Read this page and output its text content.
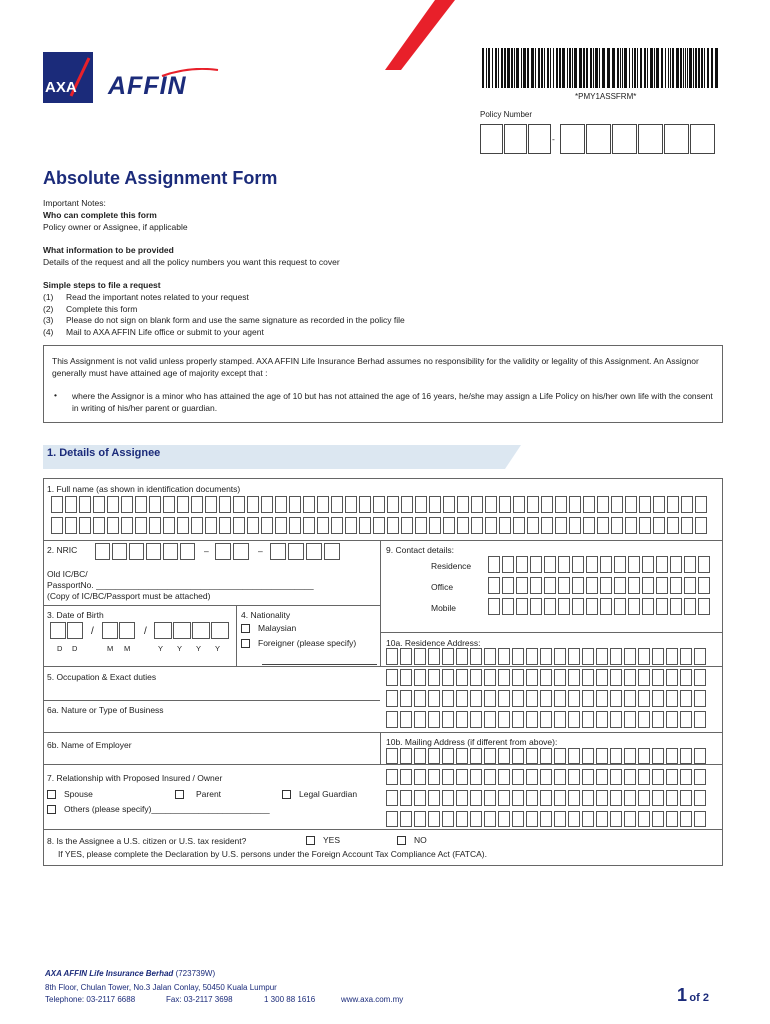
AXA AFFIN	*PMY1ASSFRM*
Policy Number
-
Absolute Assignment Form
Important Notes:
Who can complete this form
Policy owner or Assignee, if applicable
What information to be provided
Details of the request and all the policy numbers you want this request to cover
Simple steps to file a request
(1) Read the important notes related to your request
(2) Complete this form
(3) Please do not sign on blank form and use the same signature as recorded in the policy file
(4) Mail to AXA AFFIN Life office or submit to your agent
This Assignment is not valid unless properly stamped. AXA AFFIN Life Insurance Berhad assumes no responsibility for the validity or legality of this Assignment. An Assignor generally must have attained age of majority except that :
• where the Assignor is a minor who has attained the age of 10 but has not attained the age of 16 years, he/she may assign a Life Policy on his/her own life with the consent in writing of his/her parent or guardian.
1. Details of Assignee
1. Full name (as shown in identification documents)
2. NRIC	–	–
Old IC/BC/
PassportNo. ______________________________________________
(Copy of IC/BC/Passport must be attached)
3. Date of Birth
/	/
D D	M M	Y Y Y Y
4. Nationality
Malaysian
Foreigner (please specify)
9. Contact details:
Residence
Office
Mobile
10a. Residence Address:
5. Occupation & Exact duties
6a. Nature or Type of Business
6b. Name of Employer	10b. Mailing Address (if different from above):
7. Relationship with Proposed Insured / Owner
Spouse	Parent	Legal Guardian
Others (please specify)_________________________
8. Is the Assignee a U.S. citizen or U.S. tax resident?	YES	NO
If YES, please complete the Declaration by U.S. persons under the Foreign Account Tax Compliance Act (FATCA).
AXA AFFIN Life Insurance Berhad (723739W)
8th Floor, Chulan Tower, No.3 Jalan Conlay, 50450 Kuala Lumpur
Telephone: 03-2117 6688	Fax: 03-2117 3698	1 300 88 1616	www.axa.com.my	1 of 2
